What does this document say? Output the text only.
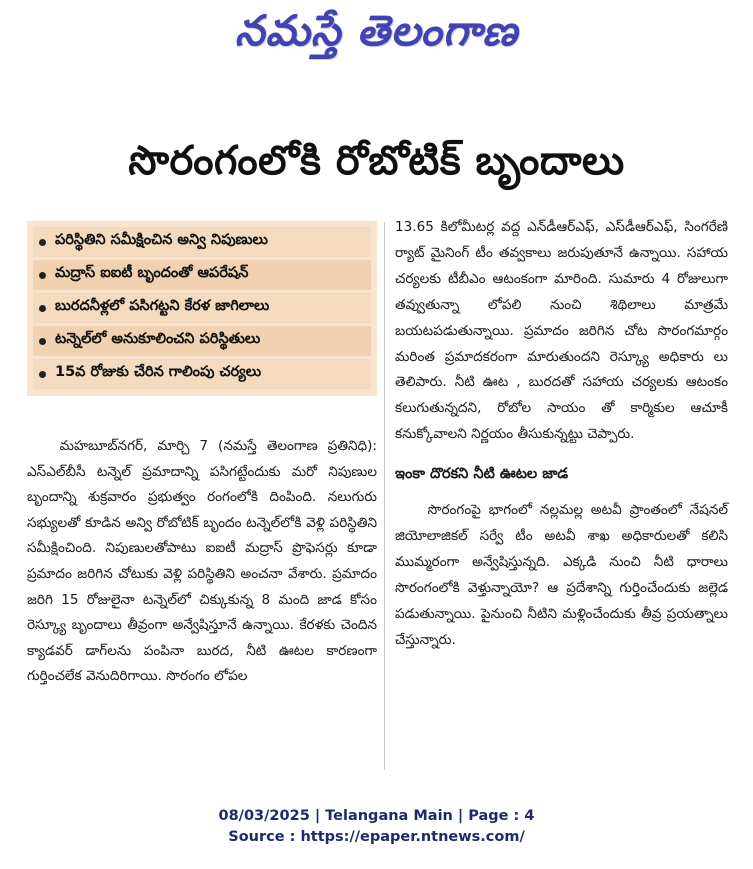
నమస్తే తెలంగాణ
సొరంగంలోకి రోబోటిక్ బృందాలు
పరిస్థితిని సమీక్షించిన అన్వి నిపుణులు
మద్రాస్ ఐఐటీ బృందంతో ఆపరేషన్
బురదనీళ్లలో పసిగట్టని కేరళ జాగిలాలు
టన్నెల్‌లో అనుకూలించని పరిస్థితులు
15వ రోజుకు చేరిన గాలింపు చర్యలు

మహబూబ్‌నగర్, మార్చి 7 (నమస్తే తెలంగాణ ప్రతినిధి): ఎస్‌ఎల్‌బీసీ టన్నెల్ ప్రమాదాన్ని పసిగట్టేందుకు మరో నిపుణుల బృందాన్ని శుక్రవారం ప్రభుత్వం రంగంలోకి దింపింది. నలుగురు సభ్యులతో కూడిన అన్వి రోబోటిక్ బృందం టన్నెల్‌లోకి వెళ్లి పరిస్థితిని సమీక్షించింది. నిపుణులతోపాటు ఐఐటీ మద్రాస్ ప్రొఫెసర్లు కూడా ప్రమాదం జరిగిన చోటుకు వెళ్లి పరిస్థితిని అంచనా వేశారు. ప్రమాదం జరిగి 15 రోజులైనా టన్నెల్‌లో చిక్కుకున్న 8 మంది జాడ కోసం రెస్క్యూ బృందాలు తీవ్రంగా అన్వేషిస్తూనే ఉన్నాయి. కేరళకు చెందిన క్యాడవర్ డాగ్‌లను పంపినా బురద, నీటి ఊటల కారణంగా గుర్తించలేక వెనుదిరిగాయి. సొరంగం లోపల

13.65 కిలోమీటర్ల వద్ద ఎన్‌డీఆర్‌ఎఫ్, ఎస్‌డీఆర్‌ఎఫ్, సింగరేణి ర్యాట్ మైనింగ్ టీం తవ్వకాలు జరుపుతూనే ఉన్నాయి. సహాయ చర్యలకు టీబీఎం ఆటంకంగా మారింది. సుమారు 4 రోజులుగా తవ్వుతున్నా లోపలి నుంచి శిథిలాలు మాత్రమే బయటపడుతున్నాయి. ప్రమాదం జరిగిన చోట సొరంగమార్గం మరింత ప్రమాదకరంగా మారుతుందని రెస్క్యూ అధికారు లు తెలిపారు. నీటి ఊట , బురదతో సహాయ చర్యలకు ఆటంకం కలుగుతున్నదని, రోబోల సాయం తో కార్మికుల ఆచూకీ కనుక్కోవాలని నిర్ణయం తీసుకున్నట్టు చెప్పారు.

ఇంకా దొరకని నీటి ఊటల జాడ

సొరంగంపై భాగంలో నల్లమల్ల అటవీ ప్రాంతంలో నేషనల్ జియోలాజికల్ సర్వే టీం అటవీ శాఖ అధికారులతో కలిసి ముమ్మరంగా అన్వేషిస్తున్నది. ఎక్కడి నుంచి నీటి ధారాలు సొరంగంలోకి వెళ్తున్నాయో? ఆ ప్రదేశాన్ని గుర్తించేందుకు జల్లెడ పడుతున్నాయి. పైనుంచి నీటిని మళ్లించేందుకు తీవ్ర ప్రయత్నాలు చేస్తున్నారు.

08/03/2025 | Telangana Main | Page : 4
Source : https://epaper.ntnews.com/
